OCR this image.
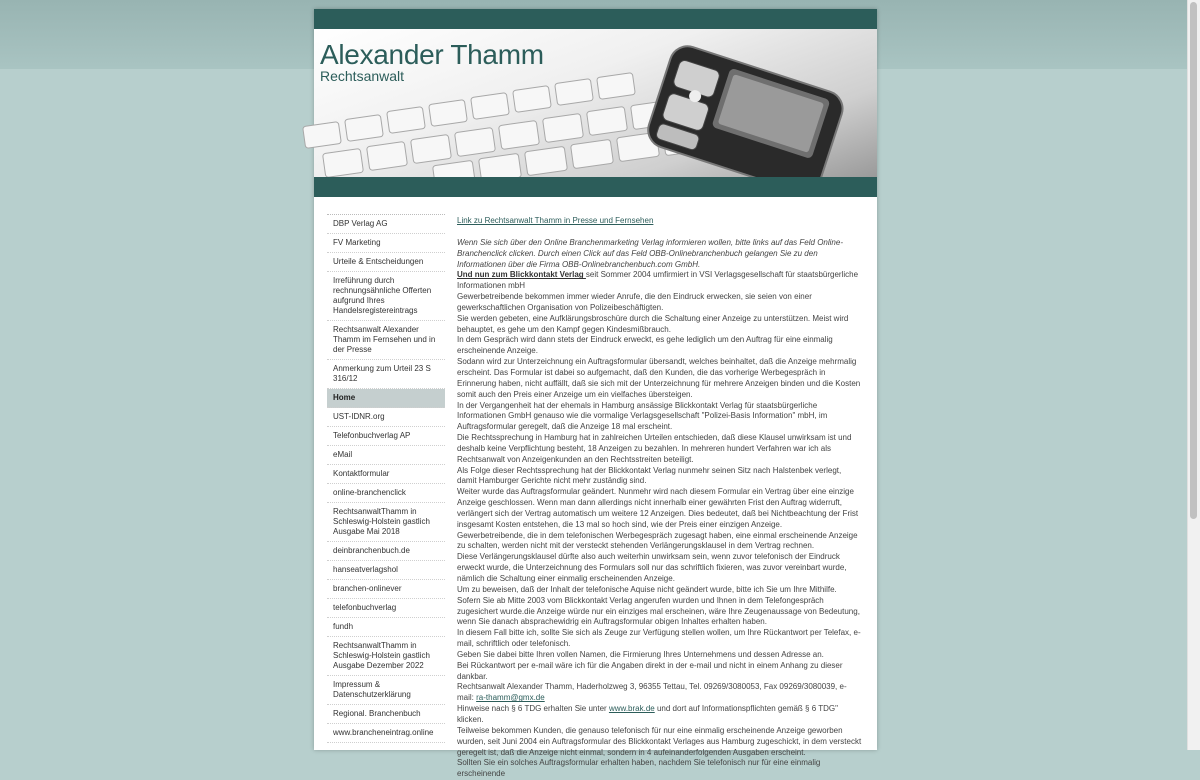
Alexander Thamm

Rechtsanwalt

DBP Verlag AG
FV Marketing
Urteile & Entscheidungen
Irreführung durch rechnungsähnliche Offerten aufgrund Ihres Handelsregistereintrags
Rechtsanwalt Alexander Thamm im Fernsehen und in der Presse
Anmerkung zum Urteil 23 S 316/12
Home
UST-IDNR.org
Telefonbuchverlag AP
eMail
Kontaktformular
online-branchenclick
RechtsanwaltThamm in Schleswig-Holstein gastlich Ausgabe Mai 2018
deinbranchenbuch.de
hanseatverlagshol
branchen-onlinever
telefonbuchverlag
fundh
RechtsanwaltThamm in Schleswig-Holstein gastlich Ausgabe Dezember 2022
Impressum & Datenschutzerklärung
Regional. Branchenbuch
www.brancheneintrag.online

Link zu Rechtsanwalt Thamm in Presse und Fernsehen

Wenn Sie sich über den Online Branchenmarketing Verlag informieren wollen, bitte links auf das Feld Online-Branchenclick clicken. Durch einen Click auf das Feld OBB-Onlinebranchenbuch gelangen Sie zu den Informationen über die Firma OBB-Onlinebranchenbuch.com GmbH.

Und nun zum Blickkontakt Verlag seit Sommer 2004 umfirmiert in VSI Verlagsgesellschaft für staatsbürgerliche Informationen mbH

Gewerbetreibende bekommen immer wieder Anrufe, die den Eindruck erwecken, sie seien von einer gewerkschaftlichen Organisation von Polizeibeschäftigten.

Sie werden gebeten, eine Aufklärungsbroschüre durch die Schaltung einer Anzeige zu unterstützen. Meist wird behauptet, es gehe um den Kampf gegen Kindesmißbrauch.

In dem Gespräch wird dann stets der Eindruck erweckt, es gehe lediglich um den Auftrag für eine einmalig erscheinende Anzeige.

Sodann wird zur Unterzeichnung ein Auftragsformular übersandt, welches beinhaltet, daß die Anzeige mehrmalig erscheint. Das Formular ist dabei so aufgemacht, daß den Kunden, die das vorherige Werbegespräch in Erinnerung haben, nicht auffällt, daß sie sich mit der Unterzeichnung für mehrere Anzeigen binden und die Kosten somit auch den Preis einer Anzeige um ein vielfaches übersteigen.

In der Vergangenheit hat der ehemals in Hamburg ansässige Blickkontakt Verlag für staatsbürgerliche Informationen GmbH genauso wie die vormalige Verlagsgesellschaft "Polizei-Basis Information" mbH, im Auftragsformular geregelt, daß die Anzeige 18 mal erscheint.

Die Rechtssprechung in Hamburg hat in zahlreichen Urteilen entschieden, daß diese Klausel unwirksam ist und deshalb keine Verpflichtung besteht, 18 Anzeigen zu bezahlen. In mehreren hundert Verfahren war ich als Rechtsanwalt von Anzeigenkunden an den Rechtsstreiten beteiligt.

Als Folge dieser Rechtssprechung hat der Blickkontakt Verlag nunmehr seinen Sitz nach Halstenbek verlegt, damit Hamburger Gerichte nicht mehr zuständig sind.

Weiter wurde das Auftragsformular geändert. Nunmehr wird nach diesem Formular ein Vertrag über eine einzige Anzeige geschlossen. Wenn man dann allerdings nicht innerhalb einer gewährten Frist den Auftrag widerruft, verlängert sich der Vertrag automatisch um weitere 12 Anzeigen. Dies bedeutet, daß bei Nichtbeachtung der Frist insgesamt Kosten entstehen, die 13 mal so hoch sind, wie der Preis einer einzigen Anzeige.

Gewerbetreibende, die in dem telefonischen Werbegespräch zugesagt haben, eine einmal erscheinende Anzeige zu schalten, werden nicht mit der versteckt stehenden Verlängerungsklausel in dem Vertrag rechnen.

Diese Verlängerungsklausel dürfte also auch weiterhin unwirksam sein, wenn zuvor telefonisch der Eindruck erweckt wurde, die Unterzeichnung des Formulars soll nur das schriftlich fixieren, was zuvor vereinbart wurde, nämlich die Schaltung einer einmalig erscheinenden Anzeige.

Um zu beweisen, daß der Inhalt der telefonische Aquise nicht geändert wurde, bitte ich Sie um Ihre Mithilfe.

Sofern Sie ab Mitte 2003 vom Blickkontakt Verlag angerufen wurden und Ihnen in dem Telefongespräch zugesichert wurde.die Anzeige würde nur ein einziges mal erscheinen, wäre Ihre Zeugenaussage von Bedeutung, wenn Sie danach absprachewidrig ein Auftragsformular obigen Inhaltes erhalten haben.

In diesem Fall bitte ich, sollte Sie sich als Zeuge zur Verfügung stellen wollen, um Ihre Rückantwort per Telefax, e-mail, schriftlich oder telefonisch.

Geben Sie dabei bitte Ihren vollen Namen, die Firmierung Ihres Unternehmens und dessen Adresse an.

Bei Rückantwort per e-mail wäre ich für die Angaben direkt in der e-mail und nicht in einem Anhang zu dieser dankbar.

Rechtsanwalt Alexander Thamm, Haderholzweg 3, 96355 Tettau, Tel. 09269/3080053, Fax 09269/3080039, e-mail: ra-thamm@gmx.de

Hinweise nach § 6 TDG erhalten Sie unter www.brak.de und dort auf Informationspflichten gemäß § 6 TDG" klicken.

Teilweise bekommen Kunden, die genauso telefonisch für nur eine einmalig erscheinende Anzeige geworben wurden, seit Juni 2004 ein Auftragsformular des Blickkontakt Verlages aus Hamburg zugeschickt, in dem versteckt geregelt ist, daß die Anzeige nicht einmal, sondern in 4 aufeinanderfolgenden Ausgaben erscheint.

Sollten Sie ein solches Auftragsformular erhalten haben, nachdem Sie telefonisch nur für eine einmalig erscheinende
